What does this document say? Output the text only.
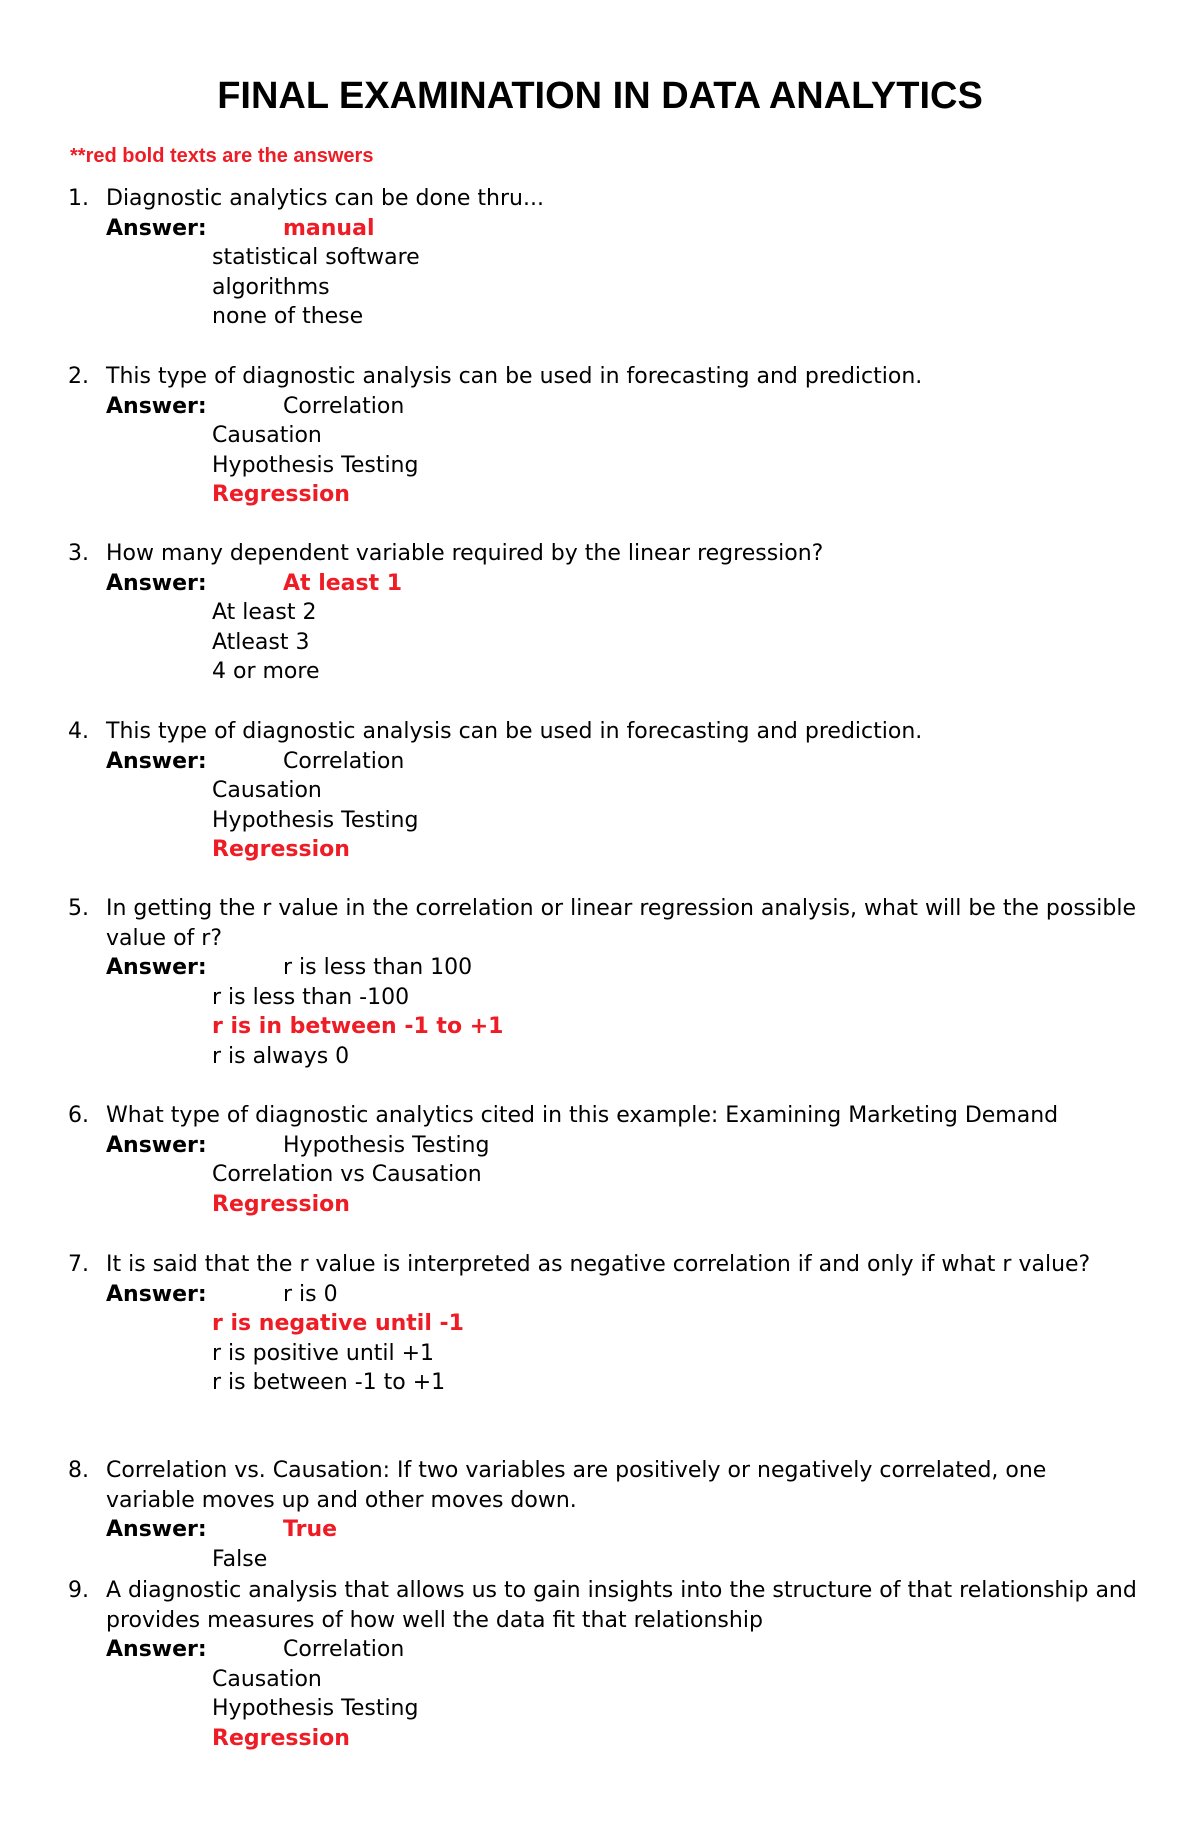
FINAL EXAMINATION IN DATA ANALYTICS
**red bold texts are the answers
1. Diagnostic analytics can be done thru...
Answer:	manual
statistical software
algorithms
none of these
2. This type of diagnostic analysis can be used in forecasting and prediction.
Answer:	Correlation
Causation
Hypothesis Testing
Regression
3. How many dependent variable required by the linear regression?
Answer:	At least 1
At least 2
Atleast 3
4 or more
4. This type of diagnostic analysis can be used in forecasting and prediction.
Answer:	Correlation
Causation
Hypothesis Testing
Regression
5. In getting the r value in the correlation or linear regression analysis, what will be the possible value of r?
Answer:	r is less than 100
r is less than -100
r is in between -1 to +1
r is always 0
6. What type of diagnostic analytics cited in this example: Examining Marketing Demand
Answer:	Hypothesis Testing
Correlation vs Causation
Regression
7. It is said that the r value is interpreted as negative correlation if and only if what r value?
Answer:	r is 0
r is negative until -1
r is positive until +1
r is between -1 to +1
8. Correlation vs. Causation: If two variables are positively or negatively correlated, one variable moves up and other moves down.
Answer:	True
False
9. A diagnostic analysis that allows us to gain insights into the structure of that relationship and provides measures of how well the data fit that relationship
Answer:	Correlation
Causation
Hypothesis Testing
Regression
